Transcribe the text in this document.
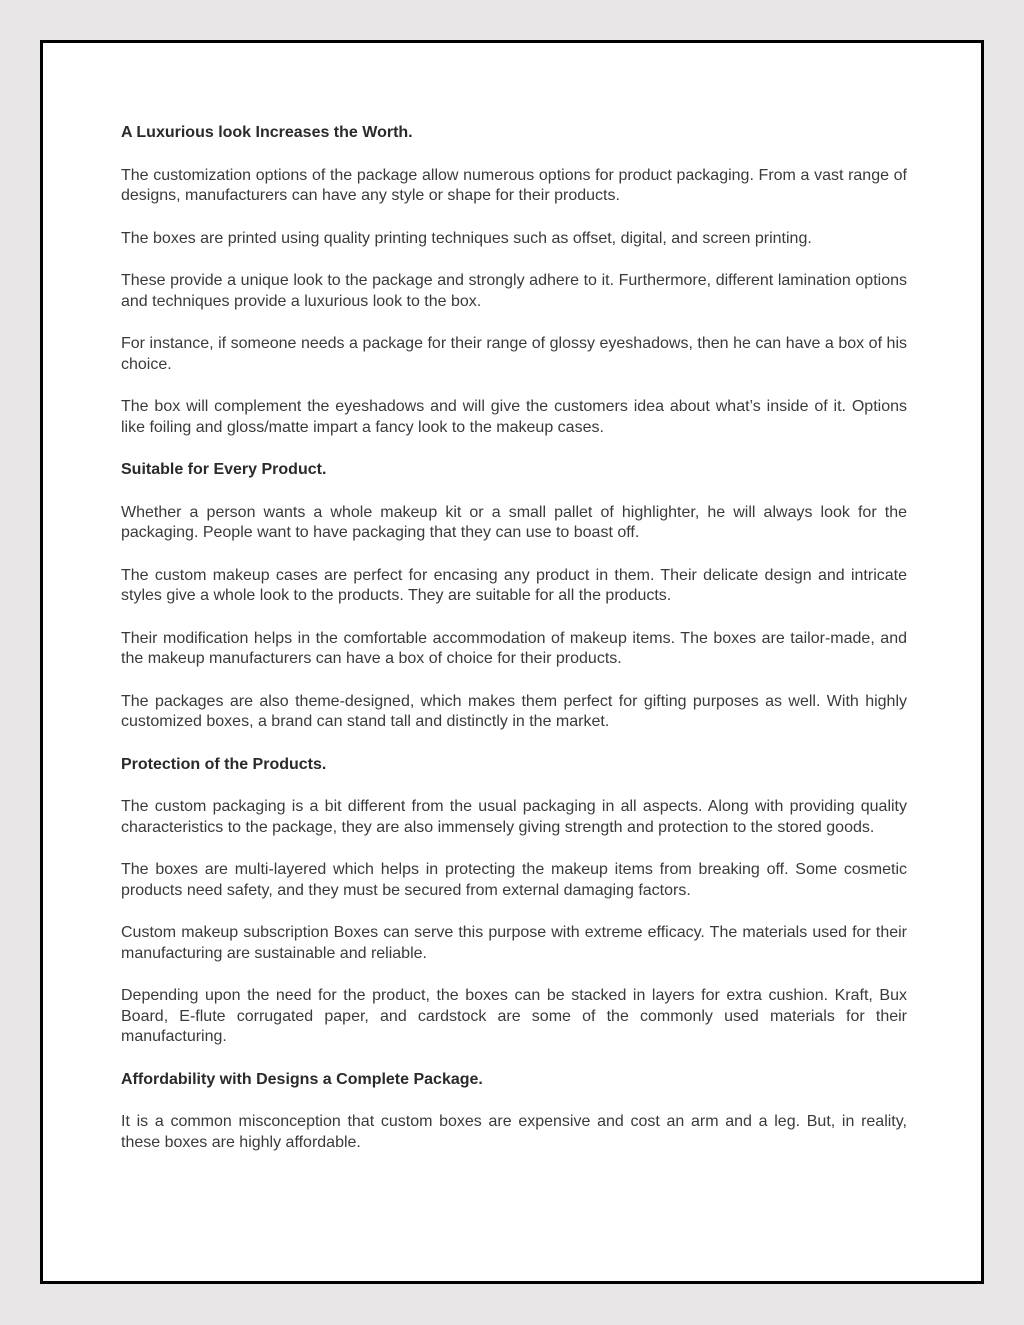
A Luxurious look Increases the Worth.

The customization options of the package allow numerous options for product packaging. From a vast range of designs, manufacturers can have any style or shape for their products.

The boxes are printed using quality printing techniques such as offset, digital, and screen printing.

These provide a unique look to the package and strongly adhere to it. Furthermore, different lamination options and techniques provide a luxurious look to the box.

For instance, if someone needs a package for their range of glossy eyeshadows, then he can have a box of his choice.

The box will complement the eyeshadows and will give the customers idea about what’s inside of it. Options like foiling and gloss/matte impart a fancy look to the makeup cases.

Suitable for Every Product.

Whether a person wants a whole makeup kit or a small pallet of highlighter, he will always look for the packaging. People want to have packaging that they can use to boast off.

The custom makeup cases are perfect for encasing any product in them. Their delicate design and intricate styles give a whole look to the products. They are suitable for all the products.

Their modification helps in the comfortable accommodation of makeup items. The boxes are tailor-made, and the makeup manufacturers can have a box of choice for their products.

The packages are also theme-designed, which makes them perfect for gifting purposes as well. With highly customized boxes, a brand can stand tall and distinctly in the market.

Protection of the Products.

The custom packaging is a bit different from the usual packaging in all aspects. Along with providing quality characteristics to the package, they are also immensely giving strength and protection to the stored goods.

The boxes are multi-layered which helps in protecting the makeup items from breaking off. Some cosmetic products need safety, and they must be secured from external damaging factors.

Custom makeup subscription Boxes can serve this purpose with extreme efficacy. The materials used for their manufacturing are sustainable and reliable.

Depending upon the need for the product, the boxes can be stacked in layers for extra cushion. Kraft, Bux Board, E-flute corrugated paper, and cardstock are some of the commonly used materials for their manufacturing.

Affordability with Designs a Complete Package.

It is a common misconception that custom boxes are expensive and cost an arm and a leg. But, in reality, these boxes are highly affordable.
